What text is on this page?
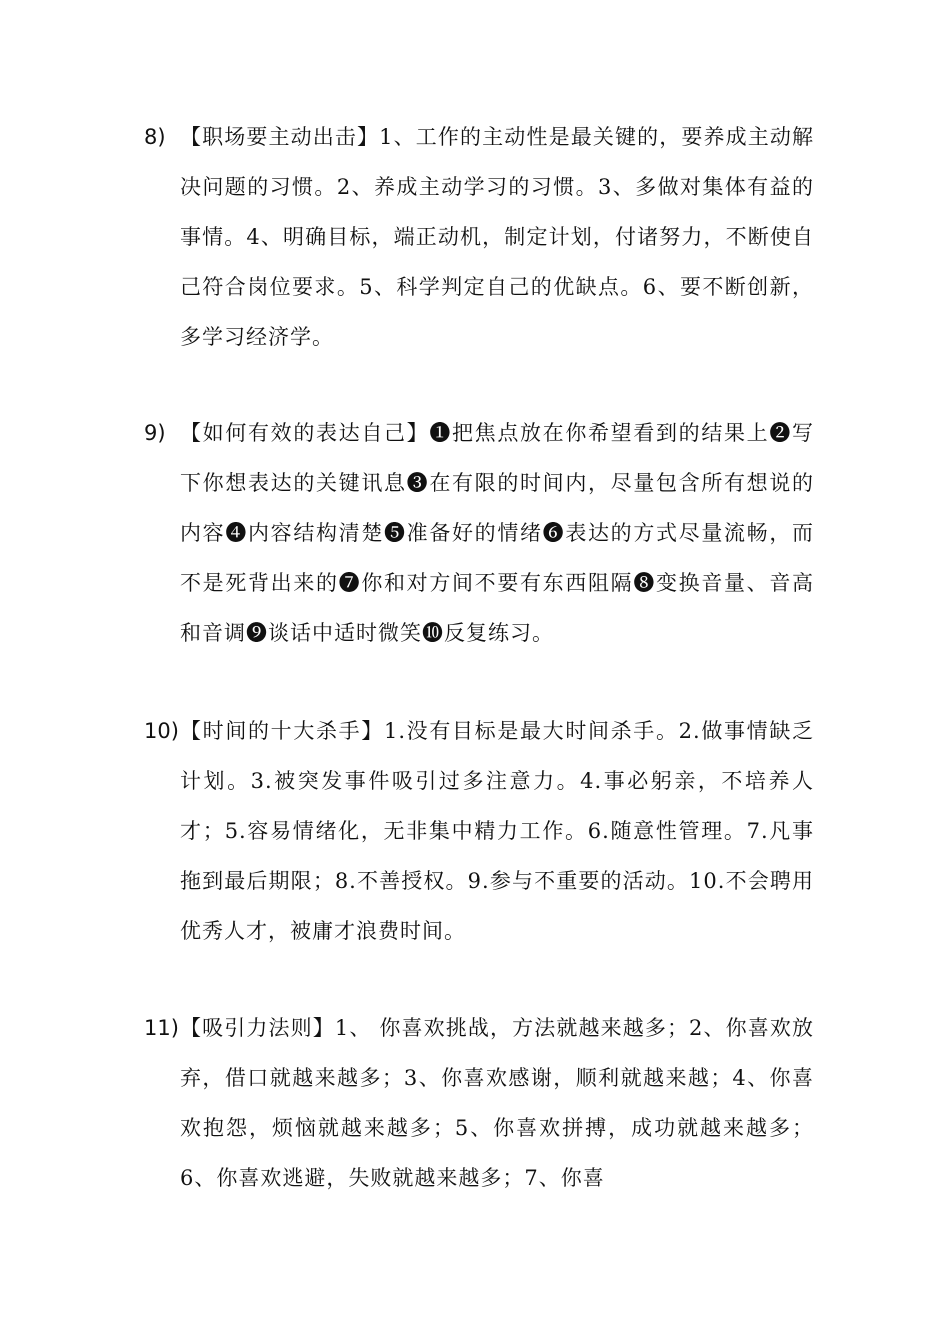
8) 【职场要主动出击】1、工作的主动性是最关键的，要养成主动解决问题的习惯。2、养成主动学习的习惯。3、多做对集体有益的事情。4、明确目标，端正动机，制定计划，付诸努力，不断使自己符合岗位要求。5、科学判定自己的优缺点。6、要不断创新，多学习经济学。

9) 【如何有效的表达自己】❶把焦点放在你希望看到的结果上❷写下你想表达的关键讯息❸在有限的时间内，尽量包含所有想说的内容❹内容结构清楚❺准备好的情绪❻表达的方式尽量流畅，而不是死背出来的❼你和对方间不要有东西阻隔❽变换音量、音高和音调❾谈话中适时微笑❿反复练习。

10) 【时间的十大杀手】1.没有目标是最大时间杀手。2.做事情缺乏计划。3.被突发事件吸引过多注意力。4.事必躬亲，不培养人才；5.容易情绪化，无非集中精力工作。6.随意性管理。7.凡事拖到最后期限；8.不善授权。9.参与不重要的活动。10.不会聘用优秀人才，被庸才浪费时间。

11) 【吸引力法则】1、 你喜欢挑战，方法就越来越多；2、你喜欢放弃，借口就越来越多；3、你喜欢感谢，顺利就越来越；4、你喜欢抱怨，烦恼就越来越多；5、你喜欢拼搏，成功就越来越多；6、你喜欢逃避，失败就越来越多；7、你喜
